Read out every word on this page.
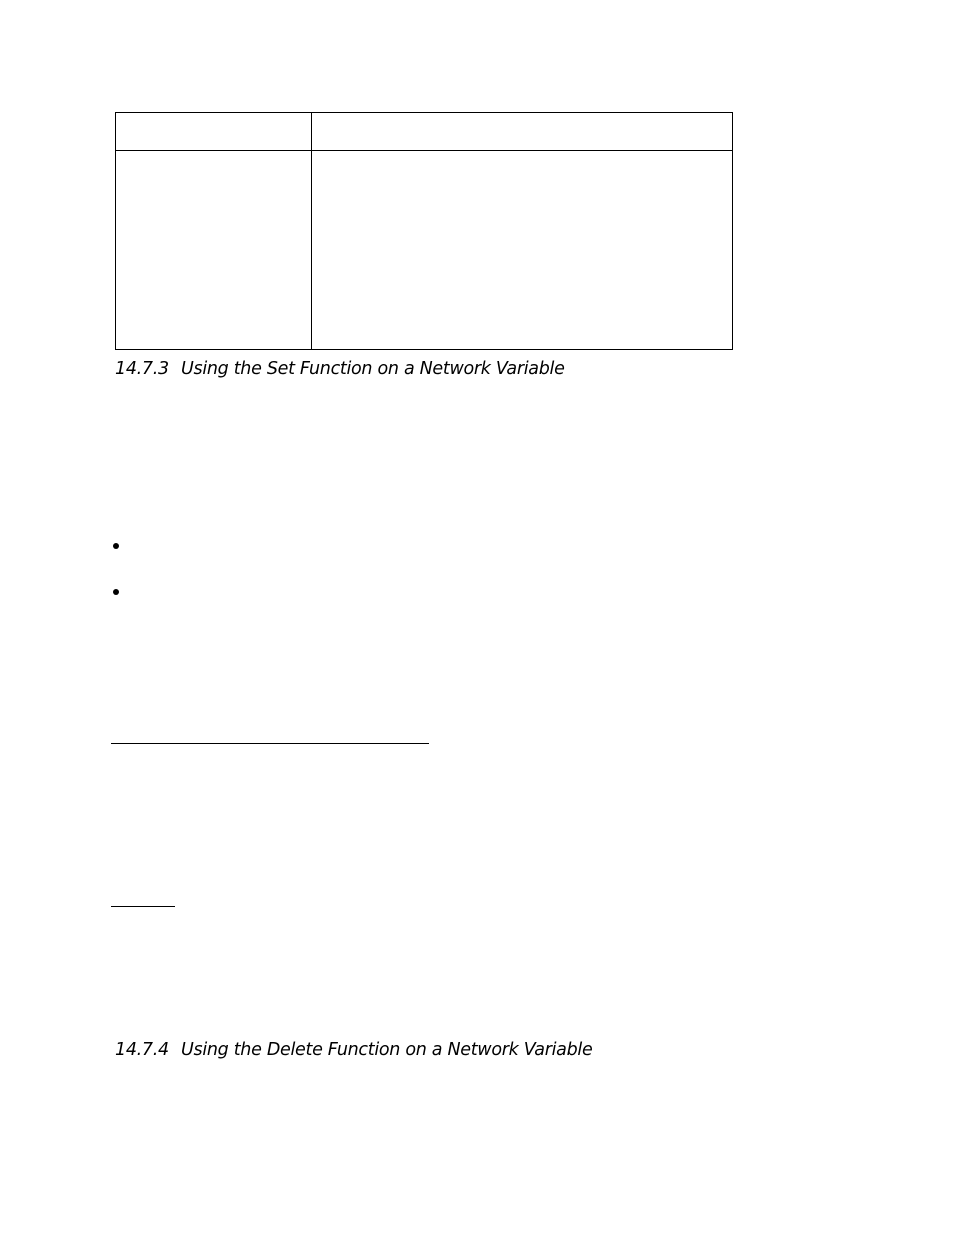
14.7.3 Using the Set Function on a Network Variable
14.7.4 Using the Delete Function on a Network Variable
